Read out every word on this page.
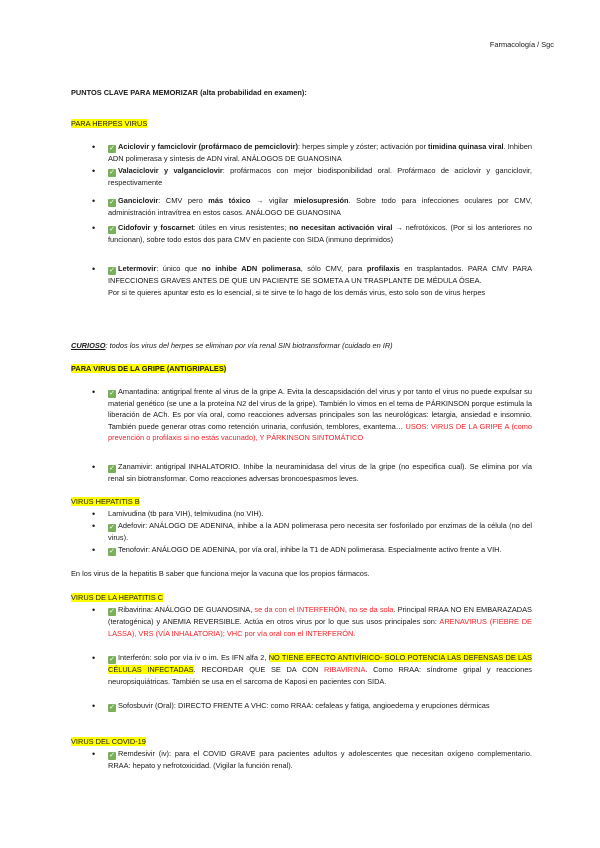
Farmacología / Sgc
PUNTOS CLAVE PARA MEMORIZAR (alta probabilidad en examen):
PARA HERPES VIRUS
• ✓ Aciclovir y famciclovir (profármaco de pemciclovir): herpes simple y zóster; activación por timidina quinasa viral. Inhiben ADN polimerasa y síntesis de ADN viral. ANÁLOGOS DE GUANOSINA
• ✓ Valaciclovir y valganciclovir: profármacos con mejor biodisponibilidad oral. Profármaco de aciclovir y ganciclovir, respectivamente
• ✓ Ganciclovir: CMV pero más tóxico → vigilar mielosupresión. Sobre todo para infecciones oculares por CMV, administración intravítrea en estos casos. ANÁLOGO DE GUANOSINA
• ✓ Cidofovir y foscarnet: útiles en virus resistentes; no necesitan activación viral → nefrotóxicos. (Por si los anteriores no funcionan), sobre todo estos dos para CMV en paciente con SIDA (inmuno deprimidos)
• ✓ Letermovir: único que no inhibe ADN polimerasa, sólo CMV, para profilaxis en trasplantados. PARA CMV PARA INFECCIONES GRAVES ANTES DE QUE UN PACIENTE SE SOMETA A UN TRASPLANTE DE MÉDULA ÓSEA.
Por si te quieres apuntar esto es lo esencial, si te sirve te lo hago de los demás virus, esto solo son de virus herpes
CURIOSO: todos los virus del herpes se eliminan por vía renal SIN biotransformar (cuidado en IR)
PARA VIRUS DE LA GRIPE (ANTIGRIPALES)
• ✓ Amantadina: antigripal frente al virus de la gripe A. Evita la descapsidación del virus y por tanto el virus no puede expulsar su material genético (se une a la proteína N2 del virus de la gripe). También lo vimos en el tema de PÁRKINSON porque estimula la liberación de ACh. Es por vía oral, como reacciones adversas principales son las neurológicas: letargia, ansiedad e insomnio. También puede generar otras como retención urinaria, confusión, temblores, exantema… USOS: VIRUS DE LA GRIPE A (como prevención o profilaxis si no estás vacunado), Y PÁRKINSON SINTOMÁTICO
• ✓ Zanamivir: antigripal INHALATORIO. Inhibe la neuraminidasa del virus de la gripe (no especifica cual). Se elimina por vía renal sin biotransformar. Como reacciones adversas broncoespasmos leves.
VIRUS HEPATITIS B
• Lamivudina (tb para VIH), telmivudina (no VIH).
• ✓ Adefovir: ANÁLOGO DE ADENINA, inhibe a la ADN polimerasa pero necesita ser fosforilado por enzimas de la célula (no del virus).
• ✓ Tenofovir: ANÁLOGO DE ADENINA, por vía oral, inhibe la T1 de ADN polimerasa. Especialmente activo frente a VIH.
En los virus de la hepatitis B saber que funciona mejor la vacuna que los propios fármacos.
VIRUS DE LA HEPATITIS C
• ✓ Ribavirina: ANÁLOGO DE GUANOSINA, se da con el INTERFERÓN, no se da sola. Principal RRAA NO EN EMBARAZADAS (teratogénica) y ANEMIA REVERSIBLE. Actúa en otros virus por lo que sus usos principales son: ARENAVIRUS (FIEBRE DE LASSA), VRS (VÍA INHALATORIA); VHC por vía oral con el INTERFERÓN.
• ✓ Interferón: solo por vía iv o im. Es IFN alfa 2, NO TIENE EFECTO ANTIVÍRICO- SOLO POTENCIA LAS DEFENSAS DE LAS CÉLULAS INFECTADAS. RECORDAR QUE SE DA CON RIBAVIRINA. Como RRAA: síndrome gripal y reacciones neuropsiquiátricas. También se usa en el sarcoma de Kaposi en pacientes con SIDA.
• ✓ Sofosbuvir (Oral): DIRECTO FRENTE A VHC: como RRAA: cefaleas y fatiga, angioedema y erupciones dérmicas
VIRUS DEL COVID-19
• ✓ Remdesivir (iv): para el COVID GRAVE para pacientes adultos y adolescentes que necesitan oxígeno complementario. RRAA: hepato y nefrotoxicidad. (Vigilar la función renal).
